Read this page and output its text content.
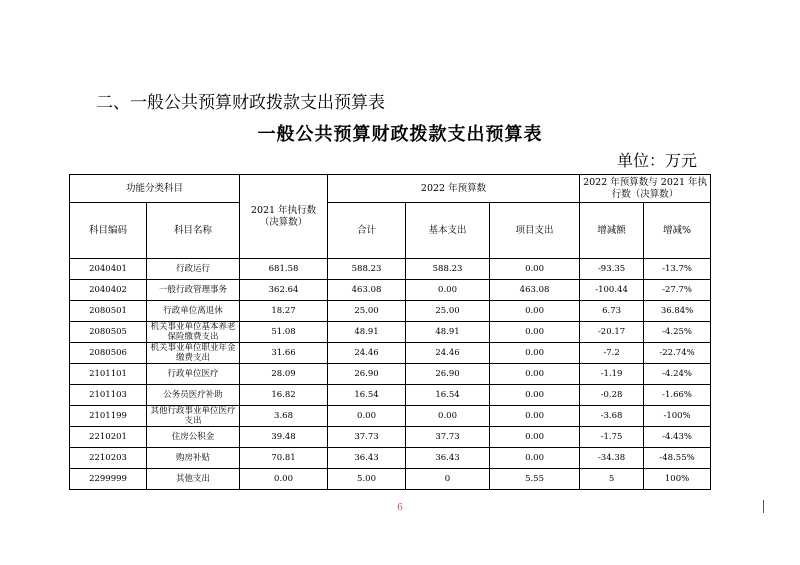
二、一般公共预算财政拨款支出预算表
一般公共预算财政拨款支出预算表
单位：万元
功能分类科目		2021 年执行数（决算数）	2022 年预算数			2022 年预算数与 2021 年执行数（决算数）	
科目编码	科目名称		合计	基本支出	项目支出	增减额	增减%
2040401	行政运行	681.58	588.23	588.23	0.00	-93.35	-13.7%
2040402	一般行政管理事务	362.64	463.08	0.00	463.08	-100.44	-27.7%
2080501	行政单位离退休	18.27	25.00	25.00	0.00	6.73	36.84%
2080505	机关事业单位基本养老保险缴费支出	51.08	48.91	48.91	0.00	-20.17	-4.25%
2080506	机关事业单位职业年金缴费支出	31.66	24.46	24.46	0.00	-7.2	-22.74%
2101101	行政单位医疗	28.09	26.90	26.90	0.00	-1.19	-4.24%
2101103	公务员医疗补助	16.82	16.54	16.54	0.00	-0.28	-1.66%
2101199	其他行政事业单位医疗支出	3.68	0.00	0.00	0.00	-3.68	-100%
2210201	住房公积金	39.48	37.73	37.73	0.00	-1.75	-4.43%
2210203	购房补贴	70.81	36.43	36.43	0.00	-34.38	-48.55%
2299999	其他支出	0.00	5.00	0	5.55	5	100%
6
